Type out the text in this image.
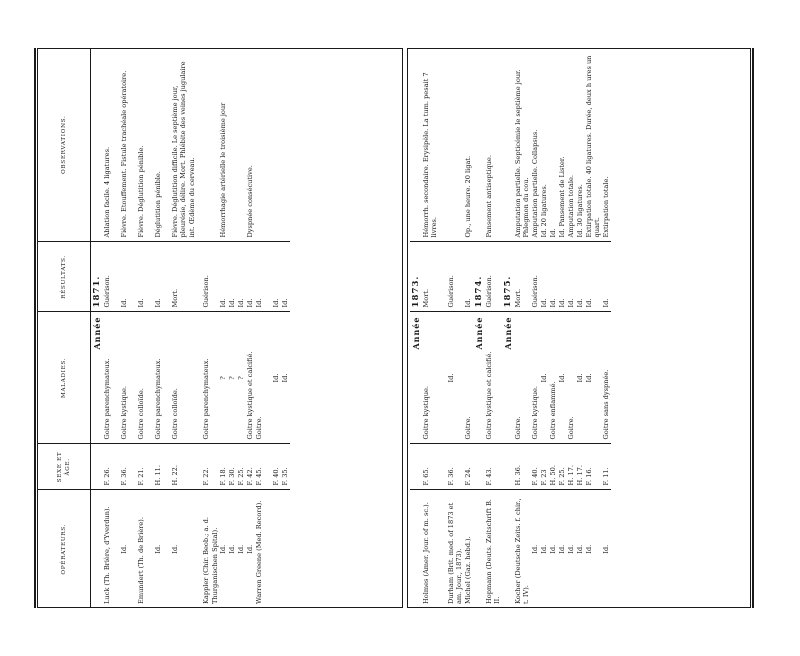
OPÉRATEURS.	SEXE ET ÂGE.	MALADIES.	RÉSULTATS.	OBSERVATIONS.
		Année	1871.	
Luck (Th. Brière, d'Yverdun).	F. 26.	Goitre parenchymateux.	Guérison.	Ablation facile. 4 ligatures.
Id.	F. 36.	Goitre kystique.	Id.	Fièvre. Etouffement. Fistule trachéale opératoire.
Emundert (Th. de Brière).	F. 21.	Goitre colloïde.	Id.	Fièvre. Déglutition pénible.
Id.	H. 11.	Goitre parenchymateux.	Id.	Déglutition pénible.
Id.	H. 22.	Goitre colloïde.	Mort.	Fièvre. Déglutition difficile. Le septième jour, pleurésie, délire. Mort. Phlébite des veines jugulaire int. Œdème du cerveau.

Kappler (Chir. Beob.; a. d. Thurganischen Spital).	F. 22.	Goitre parenchymateux.	Guérison.	
Id.	F. 18.	?	Id.	Hémorrhagie artérielle le troisième jour
Id.	F. 30.	?	Id.	
Id.	F. 25.	?	Id.	
Id.	F. 42.	Goitre kystique et calcifié.	Id.	Dyspnée consécutive.
Warren Greene (Med. Record).	F. 45.	Goitre.	Id.	
	F. 40.	Id.	Id.	
	F. 35.	Id.	Id.	
		Année	1873.	
Holmes (Amer. Jour. of m. sc.).	F. 65.	Goitre kystique.	Mort.	Hémorrh. secondaire. Erysipèle. La tum. pesait 7 livres.
Durham (Brit. med. of 1873 et am. Jour., 1873).	F. 36.	Id.	Guérison.	
Michel (Gaz. hebd.).	F. 24.	Goitre.	Id.	Op., une heure. 20 ligat.
		Année	1874.	
Hopmann (Deuts. Zeitschrift B. II.	F. 43.	Goitre kystique et calcifié.	Guérison.	Pansement antiseptique.
		Année	1875.	
Kocher (Deutsche Zeits. f. chir., t. IV).	H. 36.	Goitre.	Mort.	Amputation partielle. Septicémie le septième jour. Phlegmon du cou.
Id.	F. 40.	Goitre kystique.	Guérison.	Amputation partielle. Collapsus.
Id.	F. 23	Id.	Id.	Id. 20 ligatures.
Id.	H. 50.	Goitre enflammé.	Id.	Id.
Id.	F. 25.	Id.	Id.	Id. Pansement de Lister.
Id.	H. 17.	Goitre.	Id.	Amputation totale.
Id.	H. 17.	Id.	Id.	Id. 30 ligatures.
Id.	F. 16.	Id.	Id.	Extirpation totale. 40 ligatures. Durée, deux h ures un quart.
Id.	F. 11.	Goitre sans dyspnée.	Id.	Extirpation totale.
